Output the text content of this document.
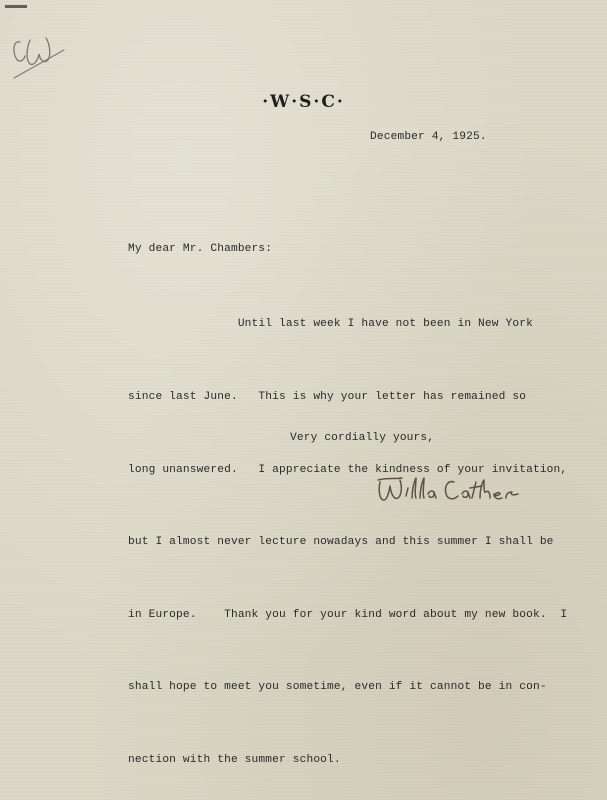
·W·S·C·
December 4, 1925.
My dear Mr. Chambers:

Until last week I have not been in New York

since last June.   This is why your letter has remained so

long unanswered.   I appreciate the kindness of your invitation,

but I almost never lecture nowadays and this summer I shall be

in Europe.    Thank you for your kind word about my new book.  I

shall hope to meet you sometime, even if it cannot be in con-

nection with the summer school.

Very cordially yours,
